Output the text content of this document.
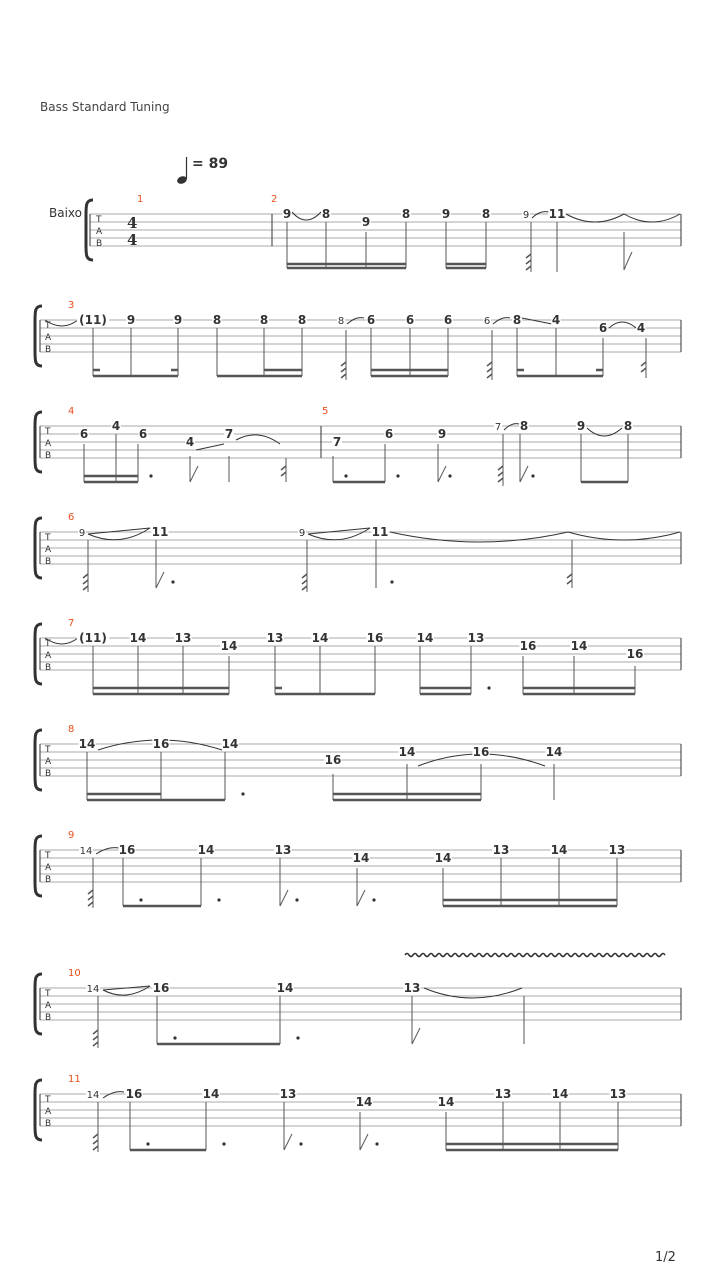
Bass Standard Tuning
= 89
Baixo
1/2
T
A
B
4
4
1	2
T
A
B
3
T
A
B
4	5
T
A
B
6
T
A
B
7
T
A
B
8
T
A
B
9
T
A
B
10
T
A
B
11
9	8
9
8	9	8	9 11
(11) 9	9	8	8 8	8 6	6 6	6 8	4
6 4
6
4
6
4
7
7
6	9	7 8	9	8
9	11	9	11
(11) 14 13
14
13 14	16	14	13
16	14
16
14	16	14
16
14	16	14
14 16	14	13
14	14
13	14	13
14	16	14	13
14 16	14	13
14	14
13	14	13
